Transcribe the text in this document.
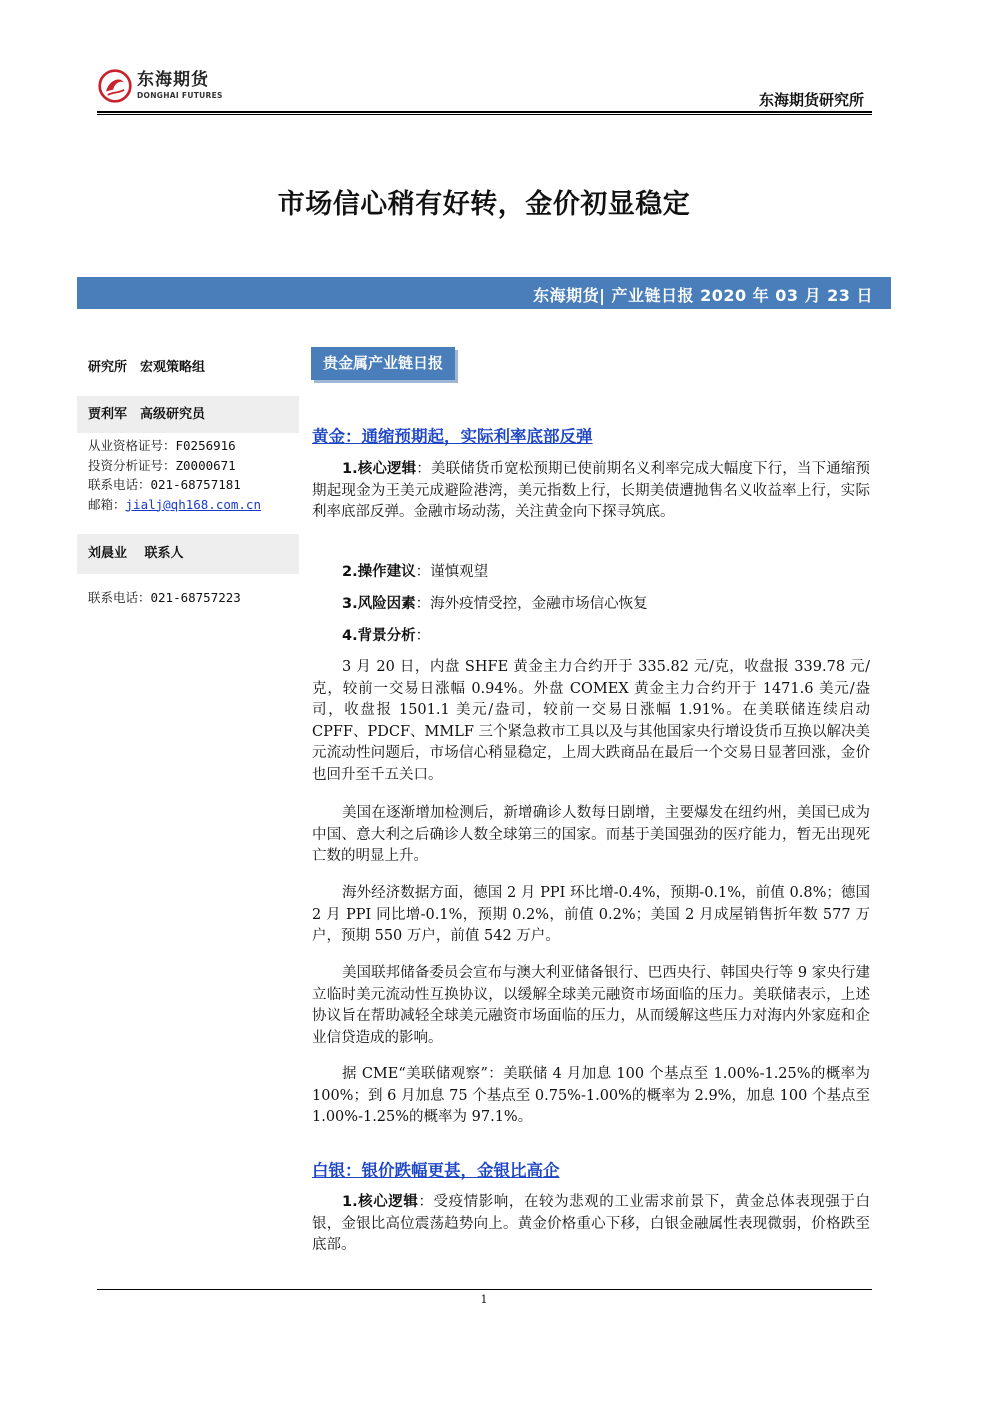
东海期货
DONGHAI FUTURES	东海期货研究所
市场信心稍有好转，金价初显稳定
东海期货| 产业链日报 2020 年 03 月 23 日
研究所　宏观策略组
贾利军　高级研究员
从业资格证号：F0256916
投资分析证号：Z0000671
联系电话：021-68757181
邮箱：jialj@qh168.com.cn
刘晨业　 联系人
联系电话：021-68757223
贵金属产业链日报
黄金：通缩预期起，实际利率底部反弹
1.核心逻辑：美联储货币宽松预期已使前期名义利率完成大幅度下行，当下通缩预期起现金为王美元成避险港湾，美元指数上行，长期美债遭抛售名义收益率上行，实际利率底部反弹。金融市场动荡，关注黄金向下探寻筑底。
2.操作建议：谨慎观望
3.风险因素：海外疫情受控，金融市场信心恢复
4.背景分析：
3 月 20 日，内盘 SHFE 黄金主力合约开于 335.82 元/克，收盘报 339.78 元/克，较前一交易日涨幅 0.94%。外盘 COMEX 黄金主力合约开于 1471.6 美元/盎司，收盘报 1501.1 美元/盎司，较前一交易日涨幅 1.91%。在美联储连续启动 CPFF、PDCF、MMLF 三个紧急救市工具以及与其他国家央行增设货币互换以解决美元流动性问题后，市场信心稍显稳定，上周大跌商品在最后一个交易日显著回涨，金价也回升至千五关口。
美国在逐渐增加检测后，新增确诊人数每日剧增，主要爆发在纽约州，美国已成为中国、意大利之后确诊人数全球第三的国家。而基于美国强劲的医疗能力，暂无出现死亡数的明显上升。
海外经济数据方面，德国 2 月 PPI 环比增-0.4%，预期-0.1%，前值 0.8%；德国 2 月 PPI 同比增-0.1%，预期 0.2%，前值 0.2%；美国 2 月成屋销售折年数 577 万户，预期 550 万户，前值 542 万户。
美国联邦储备委员会宣布与澳大利亚储备银行、巴西央行、韩国央行等 9 家央行建立临时美元流动性互换协议，以缓解全球美元融资市场面临的压力。美联储表示，上述协议旨在帮助减轻全球美元融资市场面临的压力，从而缓解这些压力对海内外家庭和企业信贷造成的影响。
据 CME“美联储观察”：美联储 4 月加息 100 个基点至 1.00%-1.25%的概率为 100%；到 6 月加息 75 个基点至 0.75%-1.00%的概率为 2.9%，加息 100 个基点至 1.00%-1.25%的概率为 97.1%。
白银：银价跌幅更甚，金银比高企
1.核心逻辑：受疫情影响，在较为悲观的工业需求前景下，黄金总体表现强于白银，金银比高位震荡趋势向上。黄金价格重心下移，白银金融属性表现微弱，价格跌至底部。
1
